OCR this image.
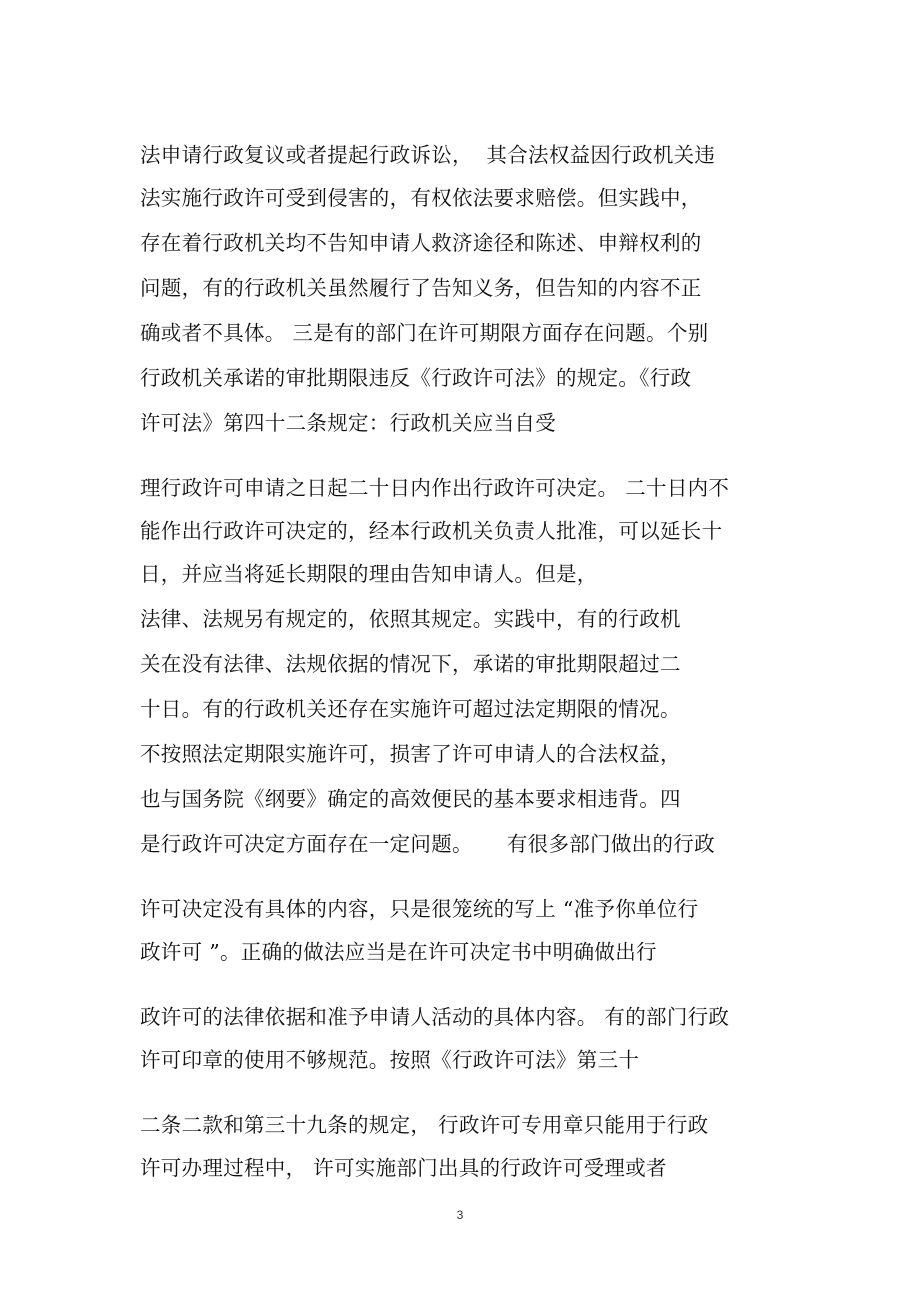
法申请行政复议或者提起行政诉讼，  其合法权益因行政机关违
法实施行政许可受到侵害的，有权依法要求赔偿。但实践中，
存在着行政机关均不告知申请人救济途径和陈述、申辩权利的
问题，有的行政机关虽然履行了告知义务，但告知的内容不正
确或者不具体。 三是有的部门在许可期限方面存在问题。个别
行政机关承诺的审批期限违反《行政许可法》的规定。《行政
许可法》第四十二条规定：行政机关应当自受
理行政许可申请之日起二十日内作出行政许可决定。 二十日内不
能作出行政许可决定的，经本行政机关负责人批准，可以延长十
日，并应当将延长期限的理由告知申请人。但是，
法律、法规另有规定的，依照其规定。实践中，有的行政机
关在没有法律、法规依据的情况下，承诺的审批期限超过二
十日。有的行政机关还存在实施许可超过法定期限的情况。
不按照法定期限实施许可，损害了许可申请人的合法权益，
也与国务院《纲要》确定的高效便民的基本要求相违背。四
是行政许可决定方面存在一定问题。     有很多部门做出的行政
许可决定没有具体的内容，只是很笼统的写上 “准予你单位行
政许可 ”。正确的做法应当是在许可决定书中明确做出行
政许可的法律依据和准予申请人活动的具体内容。 有的部门行政
许可印章的使用不够规范。按照《行政许可法》第三十
二条二款和第三十九条的规定， 行政许可专用章只能用于行政
许可办理过程中， 许可实施部门出具的行政许可受理或者
3
